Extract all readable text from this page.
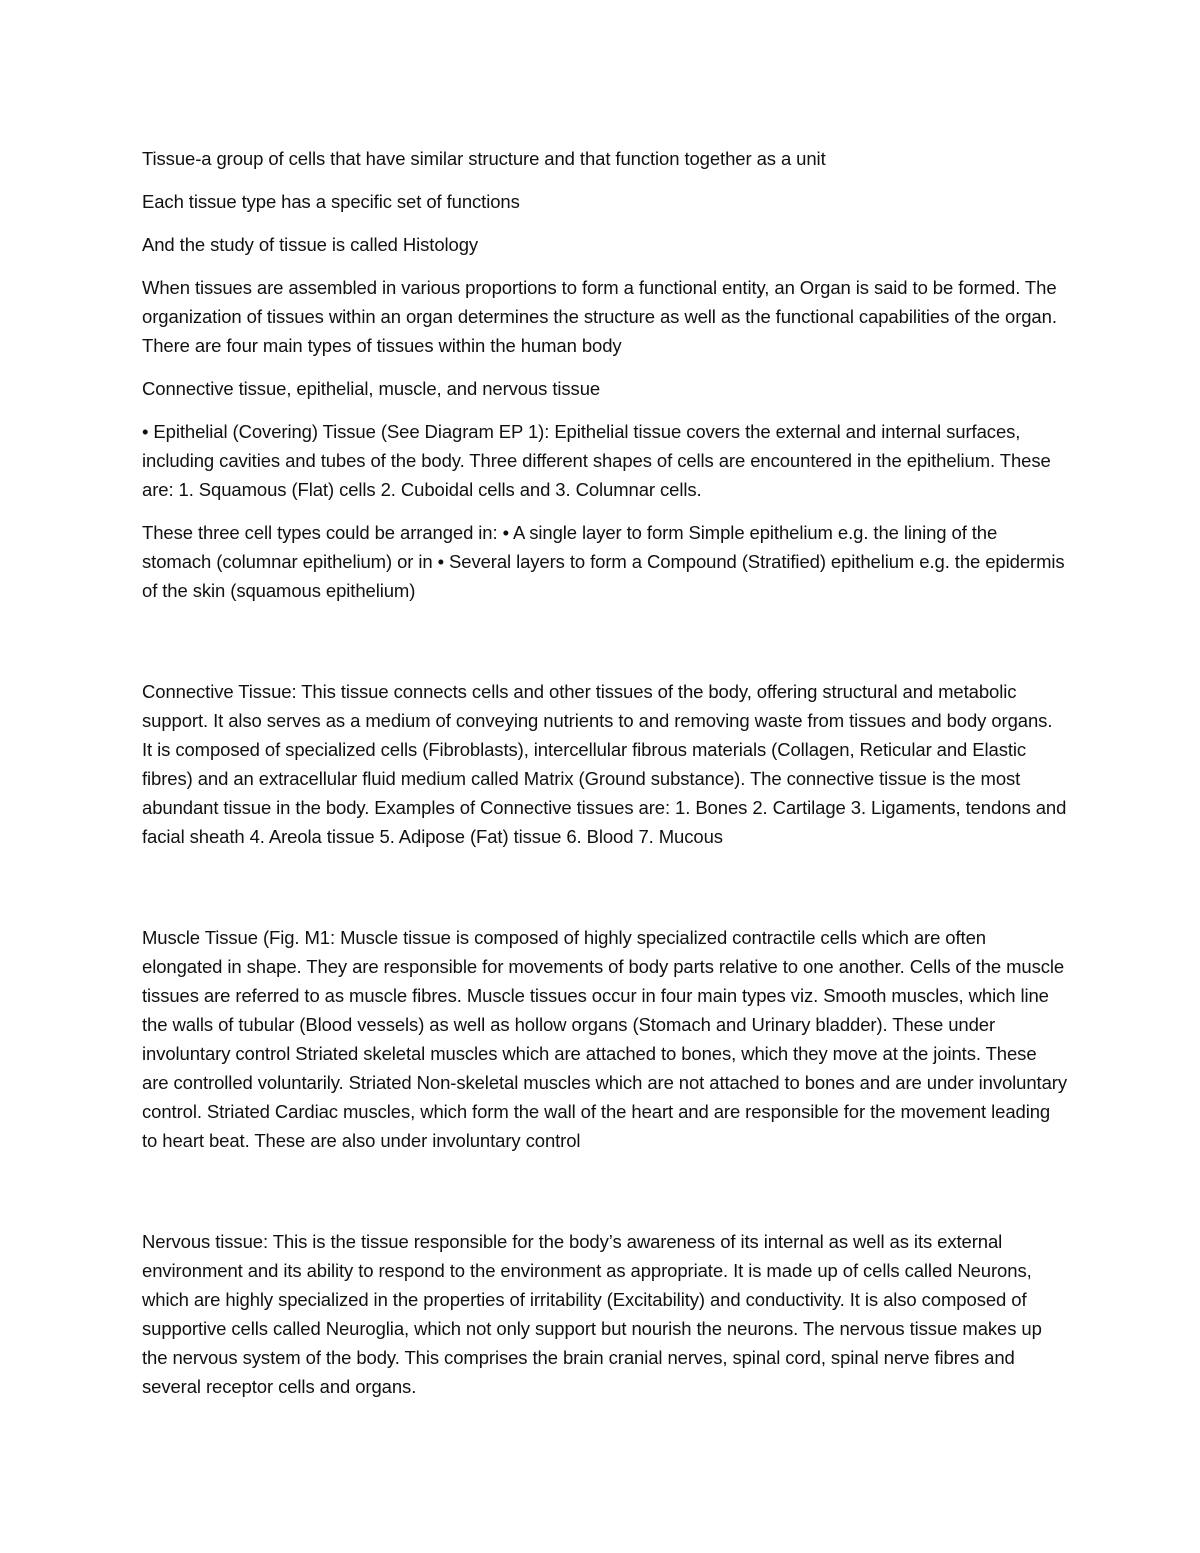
Tissue-a group of cells that have similar structure and that function together as a unit

Each tissue type has a specific set of functions

And the study of tissue is called Histology

When tissues are assembled in various proportions to form a functional entity, an Organ is said to be formed. The organization of tissues within an organ determines the structure as well as the functional capabilities of the organ. There are four main types of tissues within the human body

Connective tissue, epithelial, muscle, and nervous tissue

• Epithelial (Covering) Tissue (See Diagram EP 1): Epithelial tissue covers the external and internal surfaces, including cavities and tubes of the body. Three different shapes of cells are encountered in the epithelium. These are: 1. Squamous (Flat) cells 2. Cuboidal cells and 3. Columnar cells.

These three cell types could be arranged in: • A single layer to form Simple epithelium e.g. the lining of the stomach (columnar epithelium) or in • Several layers to form a Compound (Stratified) epithelium e.g. the epidermis of the skin (squamous epithelium)

Connective Tissue: This tissue connects cells and other tissues of the body, offering structural and metabolic support. It also serves as a medium of conveying nutrients to and removing waste from tissues and body organs. It is composed of specialized cells (Fibroblasts), intercellular fibrous materials (Collagen, Reticular and Elastic fibres) and an extracellular fluid medium called Matrix (Ground substance). The connective tissue is the most abundant tissue in the body. Examples of Connective tissues are: 1. Bones 2. Cartilage 3. Ligaments, tendons and facial sheath 4. Areola tissue 5. Adipose (Fat) tissue 6. Blood 7. Mucous

Muscle Tissue (Fig. M1: Muscle tissue is composed of highly specialized contractile cells which are often elongated in shape. They are responsible for movements of body parts relative to one another. Cells of the muscle tissues are referred to as muscle fibres. Muscle tissues occur in four main types viz. Smooth muscles, which line the walls of tubular (Blood vessels) as well as hollow organs (Stomach and Urinary bladder). These under involuntary control Striated skeletal muscles which are attached to bones, which they move at the joints. These are controlled voluntarily. Striated Non-skeletal muscles which are not attached to bones and are under involuntary control. Striated Cardiac muscles, which form the wall of the heart and are responsible for the movement leading to heart beat. These are also under involuntary control

Nervous tissue: This is the tissue responsible for the body’s awareness of its internal as well as its external environment and its ability to respond to the environment as appropriate. It is made up of cells called Neurons, which are highly specialized in the properties of irritability (Excitability) and conductivity. It is also composed of supportive cells called Neuroglia, which not only support but nourish the neurons. The nervous tissue makes up the nervous system of the body. This comprises the brain cranial nerves, spinal cord, spinal nerve fibres and several receptor cells and organs.
